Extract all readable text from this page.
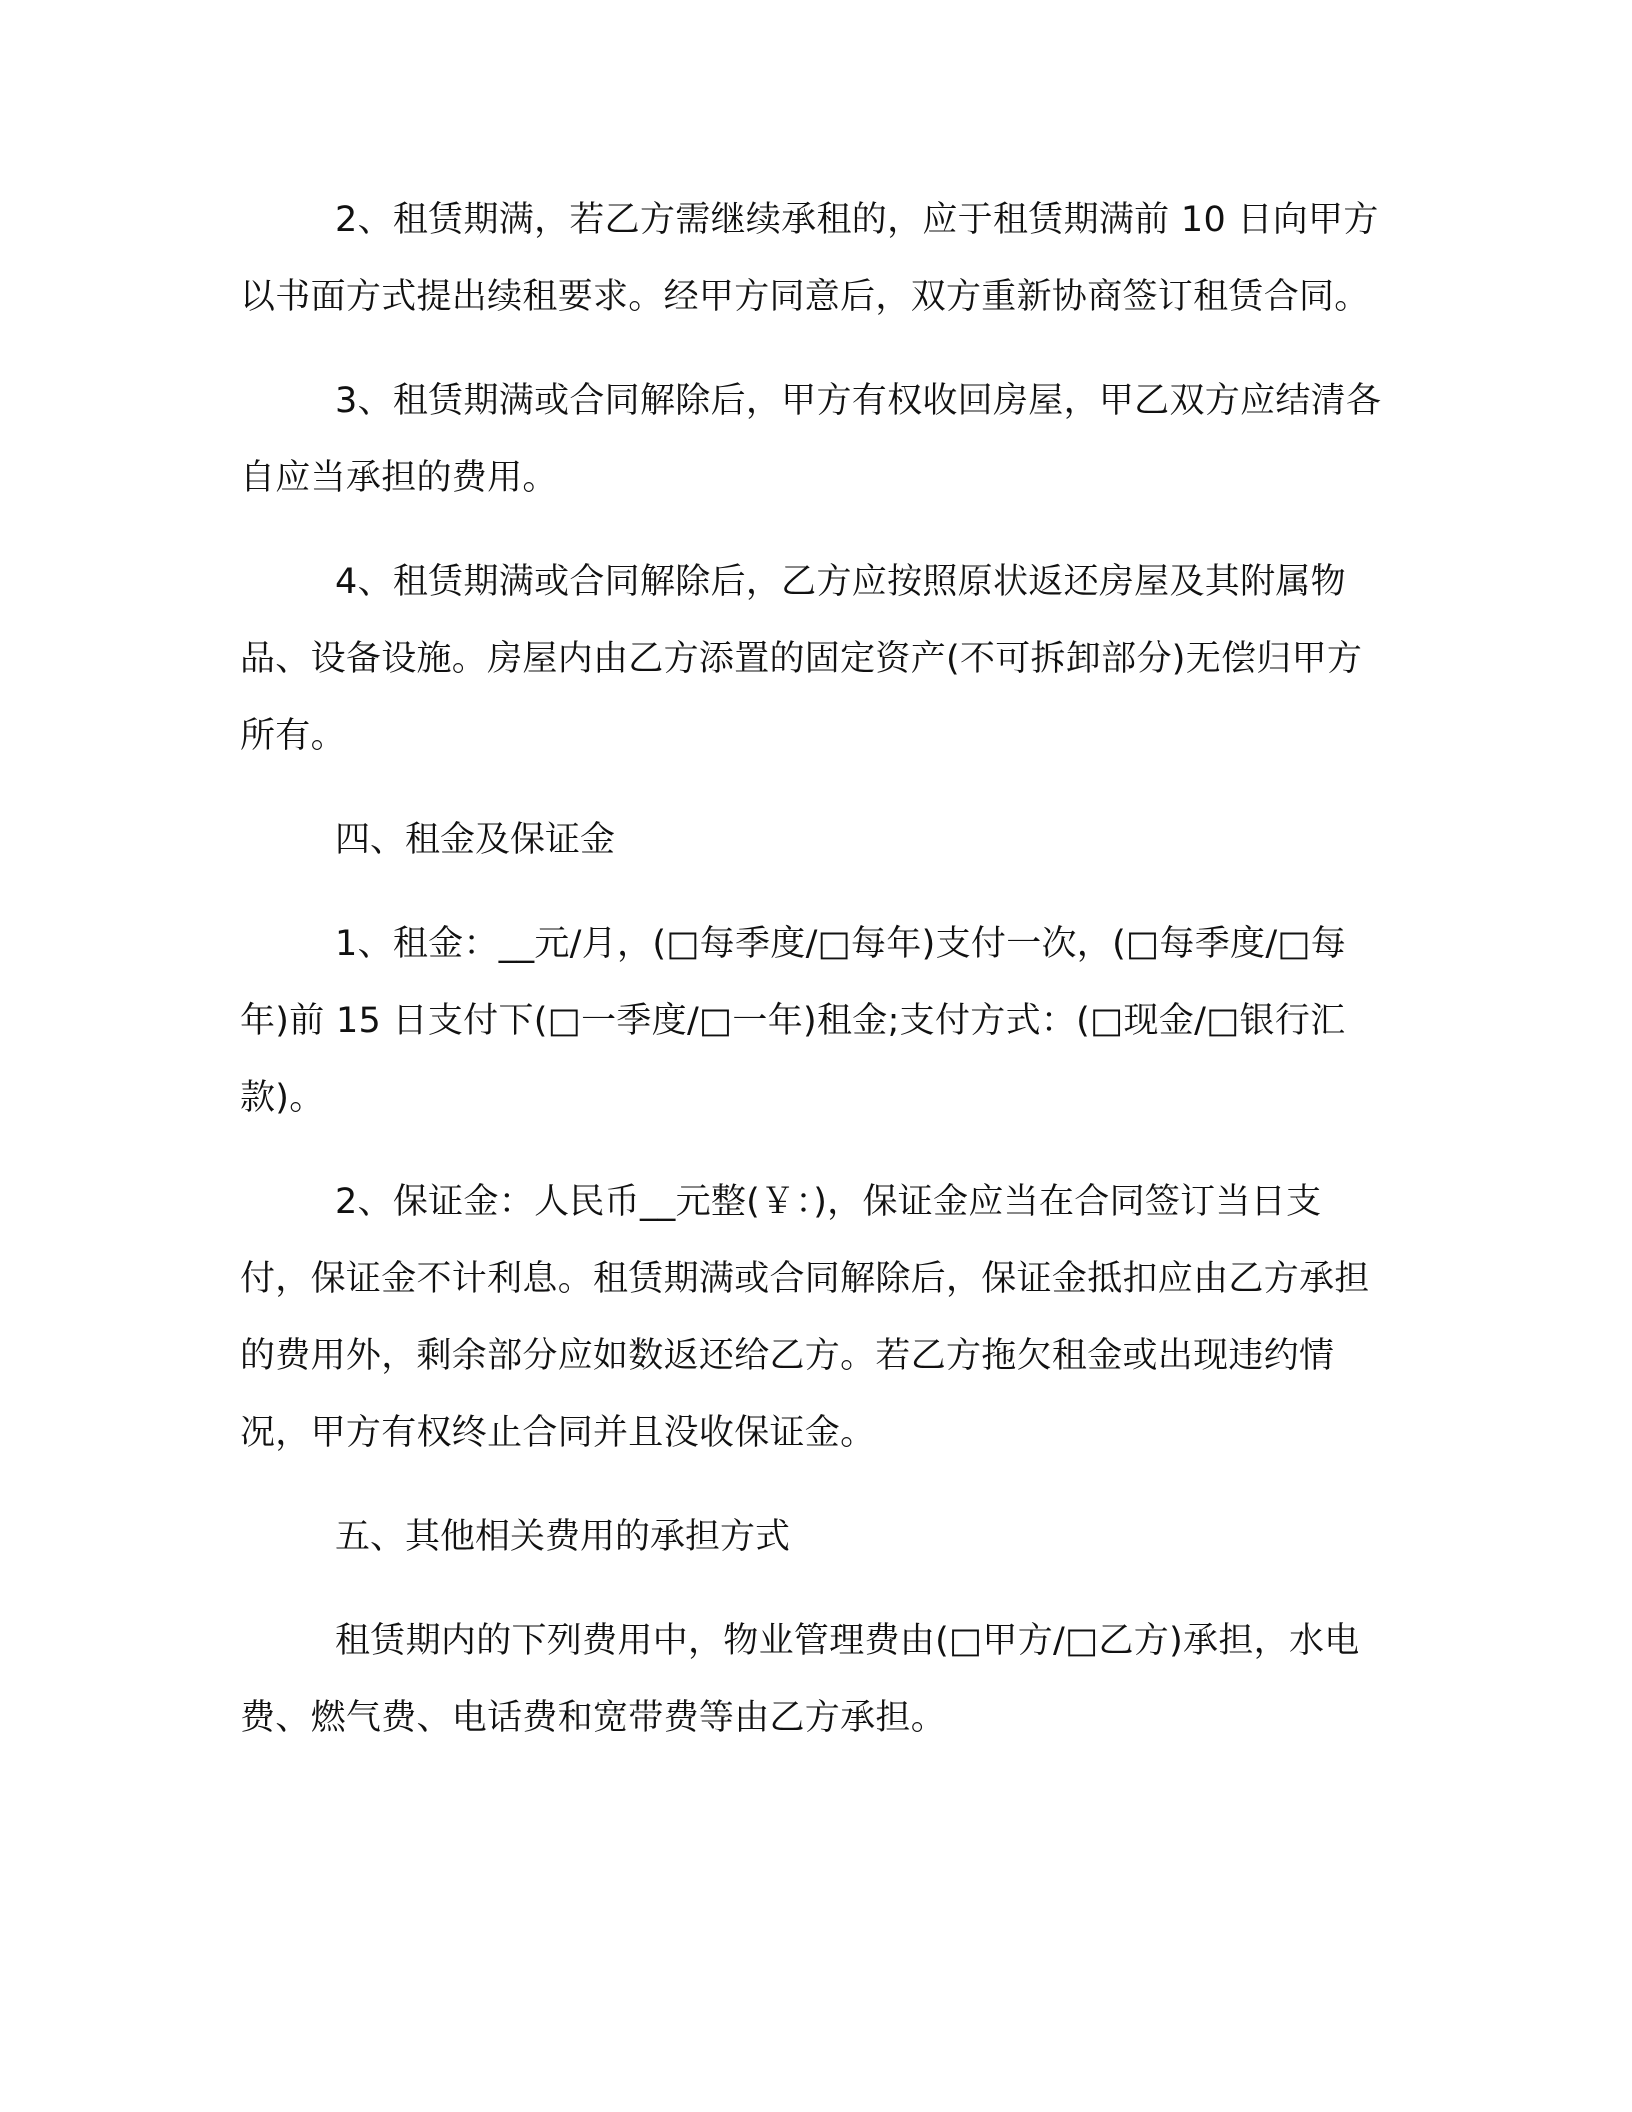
2、租赁期满，若乙方需继续承租的，应于租赁期满前 10 日向甲方以书面方式提出续租要求。经甲方同意后，双方重新协商签订租赁合同。

3、租赁期满或合同解除后，甲方有权收回房屋，甲乙双方应结清各自应当承担的费用。

4、租赁期满或合同解除后，乙方应按照原状返还房屋及其附属物品、设备设施。房屋内由乙方添置的固定资产(不可拆卸部分)无偿归甲方所有。

四、租金及保证金

1、租金：__元/月，(□每季度/□每年)支付一次，(□每季度/□每年)前 15 日支付下(□一季度/□一年)租金;支付方式：(□现金/□银行汇款)。

2、保证金：人民币__元整(￥：)，保证金应当在合同签订当日支付，保证金不计利息。租赁期满或合同解除后，保证金抵扣应由乙方承担的费用外，剩余部分应如数返还给乙方。若乙方拖欠租金或出现违约情况，甲方有权终止合同并且没收保证金。

五、其他相关费用的承担方式

租赁期内的下列费用中，物业管理费由(□甲方/□乙方)承担，水电费、燃气费、电话费和宽带费等由乙方承担。
